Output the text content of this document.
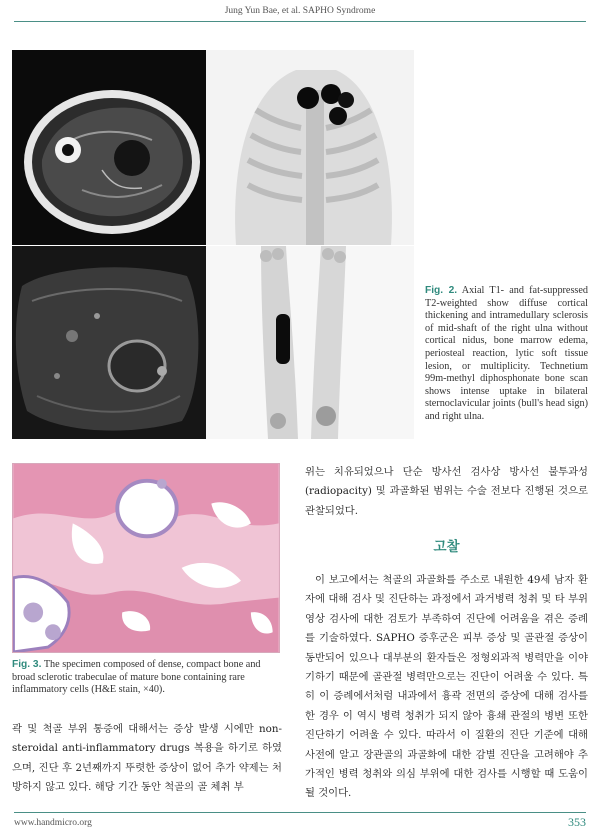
Jung Yun Bae, et al. SAPHO Syndrome
Fig. 2. Axial T1- and fat-suppressed T2-weighted show diffuse cortical thickening and intramedullary sclerosis of mid-shaft of the right ulna without cortical nidus, bone marrow edema, periosteal reaction, lytic soft tissue lesion, or multiplicity. Technetium 99m-methyl diphosphonate bone scan shows intense uptake in bilateral sternoclavicular joints (bull's head sign) and right ulna.
Fig. 3. The specimen composed of dense, compact bone and broad sclerotic trabeculae of mature bone containing rare inflammatory cells (H&E stain, ×40).
곽 및 척골 부위 통증에 대해서는 증상 발생 시에만 non-steroidal anti-inflammatory drugs 복용을 하기로 하였으며, 진단 후 2년째까지 뚜렷한 증상이 없어 추가 약제는 처방하지 않고 있다. 해당 기간 동안 척골의 골 체취 부
위는 치유되었으나 단순 방사선 검사상 방사선 불투과성 (radiopacity) 및 과골화된 범위는 수술 전보다 진행된 것으로 관찰되었다.
고찰
이 보고에서는 척골의 과골화를 주소로 내원한 49세 남자 환자에 대해 검사 및 진단하는 과정에서 과거병력 청취 및 타 부위 영상 검사에 대한 검토가 부족하여 진단에 어려움을 겪은 증례를 기술하였다. SAPHO 증후군은 피부 증상 및 골관절 증상이 동반되어 있으나 대부분의 환자들은 정형외과적 병력만을 이야기하기 때문에 골관절 병력만으로는 진단이 어려울 수 있다. 특히 이 증례에서처럼 내과에서 흉곽 전면의 증상에 대해 검사를 한 경우 이 역시 병력 청취가 되지 않아 흉쇄 관절의 병변 또한 진단하기 어려울 수 있다. 따라서 이 질환의 진단 기준에 대해 사전에 알고 장관골의 과골화에 대한 감별 진단을 고려해야 추가적인 병력 청취와 의심 부위에 대한 검사를 시행할 때 도움이 될 것이다.
www.handmicro.org	353
